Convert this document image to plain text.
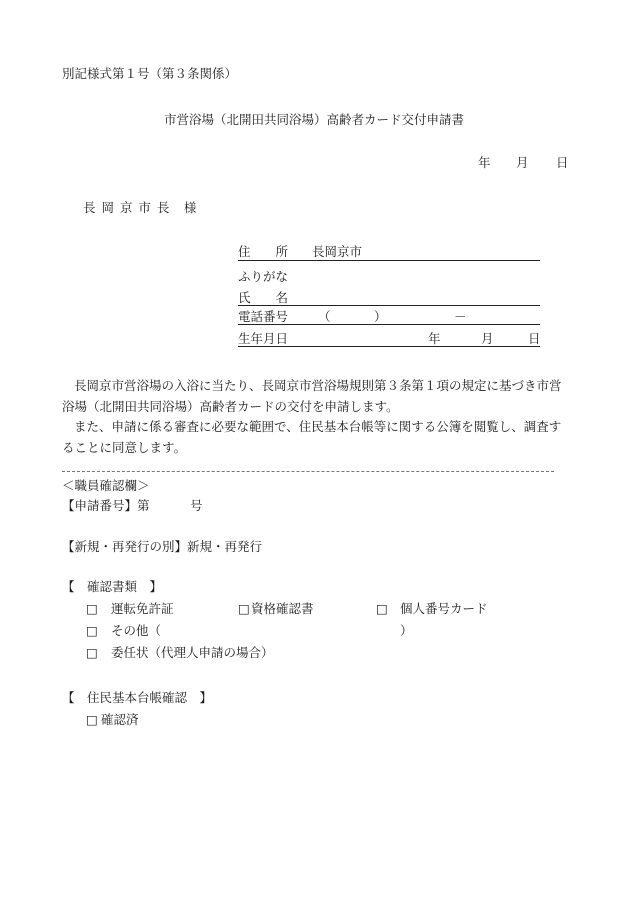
別記様式第１号（第３条関係）
市営浴場（北開田共同浴場）高齢者カード交付申請書
年 月 日
長 岡 京 市 長　様
住　　所 長岡京市
ふりがな
氏　　名
電話番号 （	）	－
生年月日	年	月	日
長岡京市営浴場の入浴に当たり、長岡京市営浴場規則第３条第１項の規定に基づき市営浴場（北開田共同浴場）高齢者カードの交付を申請します。
また、申請に係る審査に必要な範囲で、住民基本台帳等に関する公簿を閲覧し、調査することに同意します。
＜職員確認欄＞
【申請番号】第	号
【新規・再発行の別】新規・再発行
【　確認書類　】
□ 運転免許証	□ 資格確認書	□ 個人番号カード
□ その他（	）
□ 委任状（代理人申請の場合）
【　住民基本台帳確認　】
□ 確認済
